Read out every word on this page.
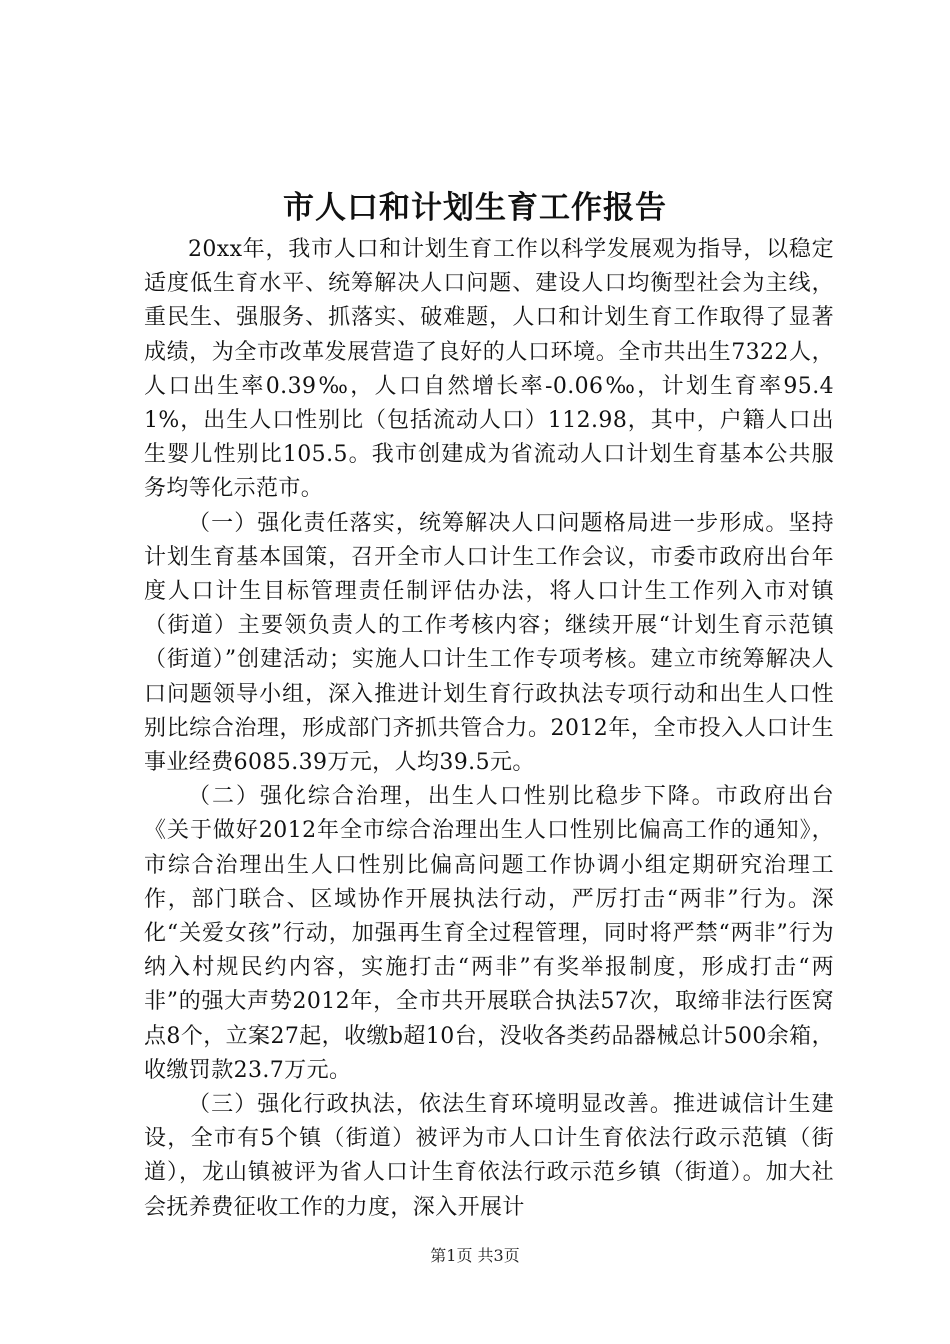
市人口和计划生育工作报告

20xx年，我市人口和计划生育工作以科学发展观为指导，以稳定适度低生育水平、统筹解决人口问题、建设人口均衡型社会为主线，重民生、强服务、抓落实、破难题，人口和计划生育工作取得了显著成绩，为全市改革发展营造了良好的人口环境。全市共出生7322人，人口出生率0.39‰，人口自然增长率-0.06‰，计划生育率95.41%，出生人口性别比（包括流动人口）112.98，其中，户籍人口出生婴儿性别比105.5。我市创建成为省流动人口计划生育基本公共服务均等化示范市。

（一）强化责任落实，统筹解决人口问题格局进一步形成。坚持计划生育基本国策，召开全市人口计生工作会议，市委市政府出台年度人口计生目标管理责任制评估办法，将人口计生工作列入市对镇（街道）主要领负责人的工作考核内容；继续开展“计划生育示范镇（街道）”创建活动；实施人口计生工作专项考核。建立市统筹解决人口问题领导小组，深入推进计划生育行政执法专项行动和出生人口性别比综合治理，形成部门齐抓共管合力。2012年，全市投入人口计生事业经费6085.39万元，人均39.5元。

（二）强化综合治理，出生人口性别比稳步下降。市政府出台《关于做好2012年全市综合治理出生人口性别比偏高工作的通知》，市综合治理出生人口性别比偏高问题工作协调小组定期研究治理工作，部门联合、区域协作开展执法行动，严厉打击“两非”行为。深化“关爱女孩”行动，加强再生育全过程管理，同时将严禁“两非”行为纳入村规民约内容，实施打击“两非”有奖举报制度，形成打击“两非”的强大声势2012年，全市共开展联合执法57次，取缔非法行医窝点8个，立案27起，收缴b超10台，没收各类药品器械总计500余箱，收缴罚款23.7万元。

（三）强化行政执法，依法生育环境明显改善。推进诚信计生建设，全市有5个镇（街道）被评为市人口计生育依法行政示范镇（街道），龙山镇被评为省人口计生育依法行政示范乡镇（街道）。加大社会抚养费征收工作的力度，深入开展计

第1页 共3页
